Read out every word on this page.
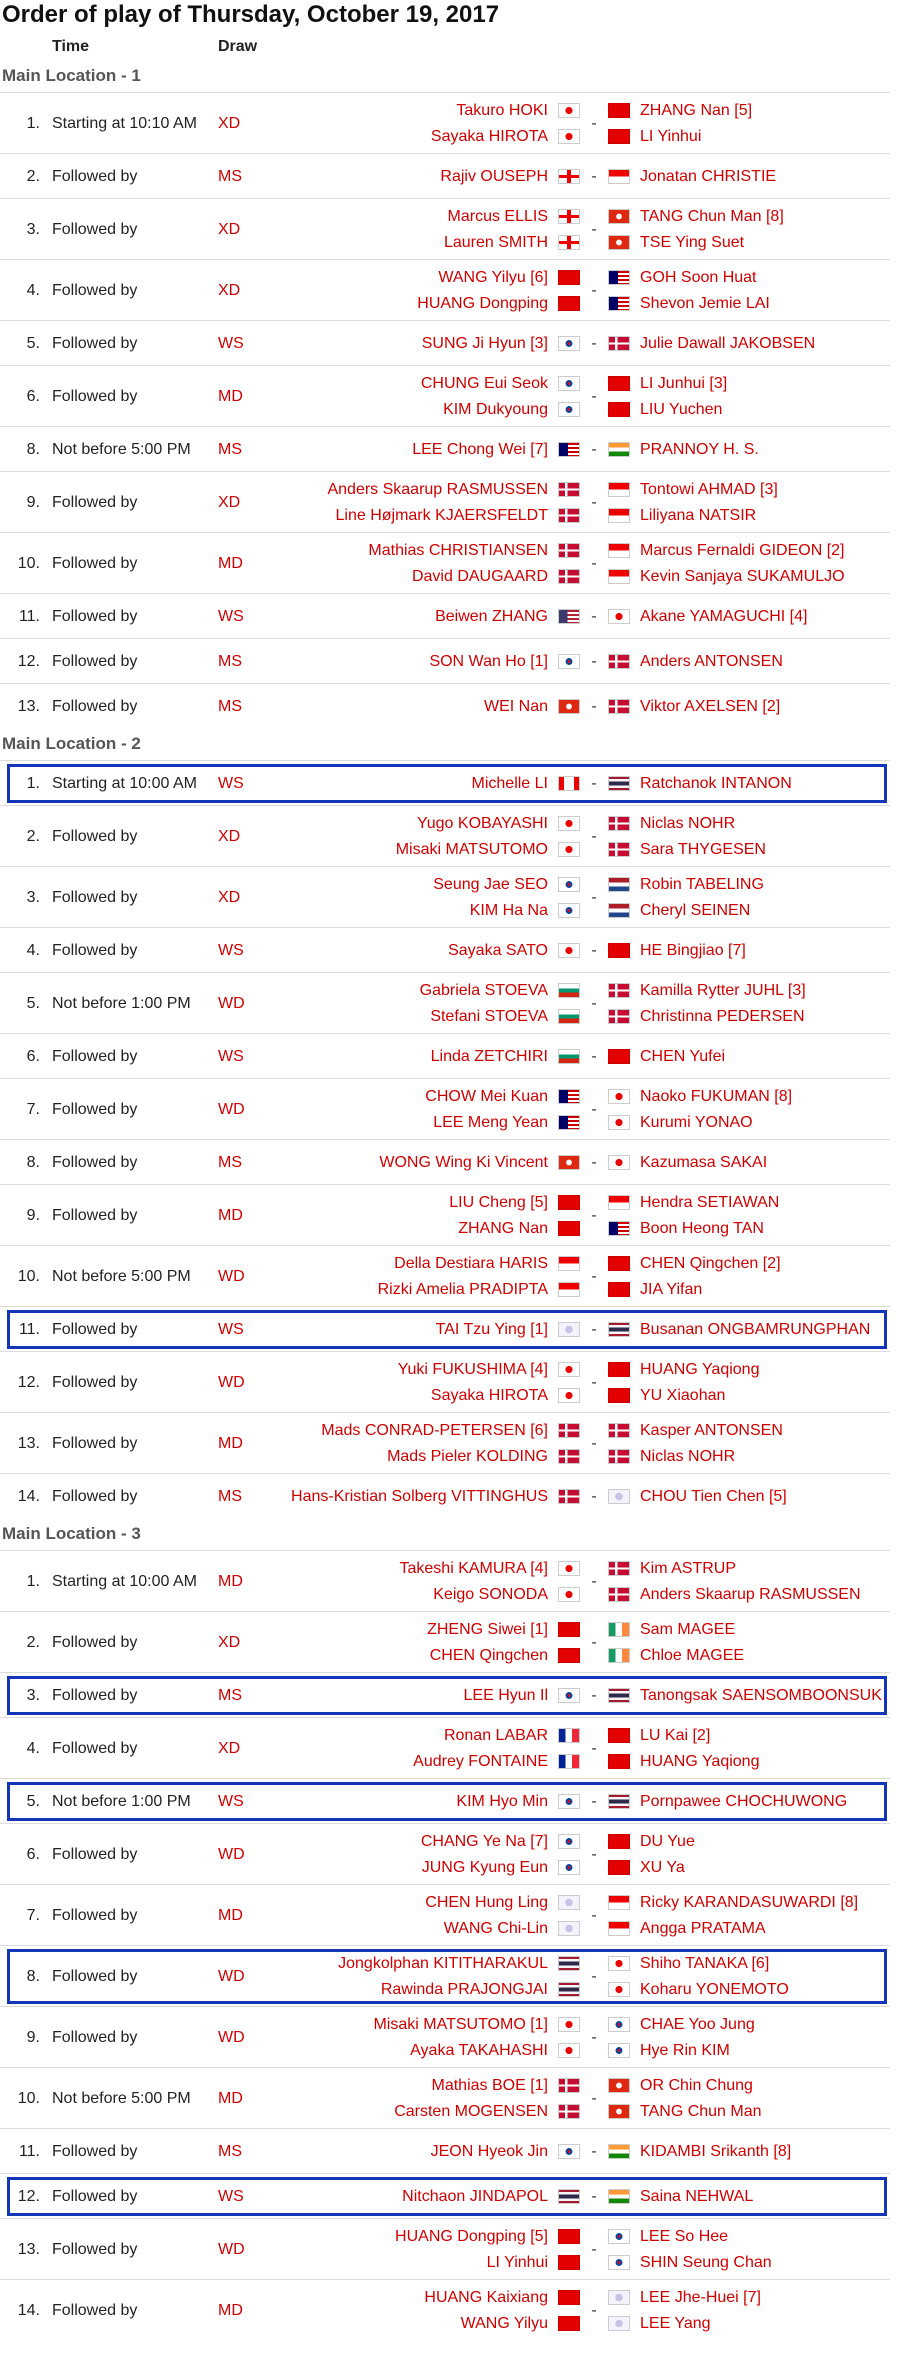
Order of play of Thursday, October 19, 2017
Time	Draw
Main Location - 1
1. Starting at 10:10 AM	XD
Takuro HOKI
Sayaka HIROTA
-
ZHANG Nan [5]
LI Yinhui
2. Followed by	MS	Rajiv OUSEPH	-	Jonatan CHRISTIE
3. Followed by	XD
Marcus ELLIS
Lauren SMITH
-
TANG Chun Man [8]
TSE Ying Suet
4. Followed by	XD
WANG Yilyu [6]
HUANG Dongping
-
GOH Soon Huat
Shevon Jemie LAI
5. Followed by	WS	SUNG Ji Hyun [3]	-	Julie Dawall JAKOBSEN
6. Followed by	MD
CHUNG Eui Seok
KIM Dukyoung
-
LI Junhui [3]
LIU Yuchen
8. Not before 5:00 PM	MS	LEE Chong Wei [7]	-	PRANNOY H. S.
9. Followed by	XD
Anders Skaarup RASMUSSEN
Line Højmark KJAERSFELDT
-
Tontowi AHMAD [3]
Liliyana NATSIR
10. Followed by	MD
Mathias CHRISTIANSEN
David DAUGAARD
-
Marcus Fernaldi GIDEON [2]
Kevin Sanjaya SUKAMULJO
11. Followed by	WS	Beiwen ZHANG	-	Akane YAMAGUCHI [4]
12. Followed by	MS	SON Wan Ho [1]	-	Anders ANTONSEN
13. Followed by	MS	WEI Nan	-	Viktor AXELSEN [2]
Main Location - 2
1. Starting at 10:00 AM	WS	Michelle LI	-	Ratchanok INTANON
2. Followed by	XD
Yugo KOBAYASHI
Misaki MATSUTOMO
-
Niclas NOHR
Sara THYGESEN
3. Followed by	XD
Seung Jae SEO
KIM Ha Na
-
Robin TABELING
Cheryl SEINEN
4. Followed by	WS	Sayaka SATO	-	HE Bingjiao [7]
5. Not before 1:00 PM	WD
Gabriela STOEVA
Stefani STOEVA
-
Kamilla Rytter JUHL [3]
Christinna PEDERSEN
6. Followed by	WS	Linda ZETCHIRI	-	CHEN Yufei
7. Followed by	WD
CHOW Mei Kuan
LEE Meng Yean
-
Naoko FUKUMAN [8]
Kurumi YONAO
8. Followed by	MS	WONG Wing Ki Vincent	-	Kazumasa SAKAI
9. Followed by	MD
LIU Cheng [5]
ZHANG Nan
-
Hendra SETIAWAN
Boon Heong TAN
10. Not before 5:00 PM	WD
Della Destiara HARIS
Rizki Amelia PRADIPTA
-
CHEN Qingchen [2]
JIA Yifan
11. Followed by	WS	TAI Tzu Ying [1]	-	Busanan ONGBAMRUNGPHAN
12. Followed by	WD
Yuki FUKUSHIMA [4]
Sayaka HIROTA
-
HUANG Yaqiong
YU Xiaohan
13. Followed by	MD
Mads CONRAD-PETERSEN [6]
Mads Pieler KOLDING
-
Kasper ANTONSEN
Niclas NOHR
14. Followed by	MS	Hans-Kristian Solberg VITTINGHUS	-	CHOU Tien Chen [5]
Main Location - 3
1. Starting at 10:00 AM	MD
Takeshi KAMURA [4]
Keigo SONODA
-
Kim ASTRUP
Anders Skaarup RASMUSSEN
2. Followed by	XD
ZHENG Siwei [1]
CHEN Qingchen
-
Sam MAGEE
Chloe MAGEE
3. Followed by	MS	LEE Hyun Il	-	Tanongsak SAENSOMBOONSUK
4. Followed by	XD
Ronan LABAR
Audrey FONTAINE
-
LU Kai [2]
HUANG Yaqiong
5. Not before 1:00 PM	WS	KIM Hyo Min	-	Pornpawee CHOCHUWONG
6. Followed by	WD
CHANG Ye Na [7]
JUNG Kyung Eun
-
DU Yue
XU Ya
7. Followed by	MD
CHEN Hung Ling
WANG Chi-Lin
-
Ricky KARANDASUWARDI [8]
Angga PRATAMA
8. Followed by	WD
Jongkolphan KITITHARAKUL
Rawinda PRAJONGJAI
-
Shiho TANAKA [6]
Koharu YONEMOTO
9. Followed by	WD
Misaki MATSUTOMO [1]
Ayaka TAKAHASHI
-
CHAE Yoo Jung
Hye Rin KIM
10. Not before 5:00 PM	MD
Mathias BOE [1]
Carsten MOGENSEN
-
OR Chin Chung
TANG Chun Man
11. Followed by	MS	JEON Hyeok Jin	-	KIDAMBI Srikanth [8]
12. Followed by	WS	Nitchaon JINDAPOL	-	Saina NEHWAL
13. Followed by	WD
HUANG Dongping [5]
LI Yinhui
-
LEE So Hee
SHIN Seung Chan
14. Followed by	MD
HUANG Kaixiang
WANG Yilyu
-
LEE Jhe-Huei [7]
LEE Yang
